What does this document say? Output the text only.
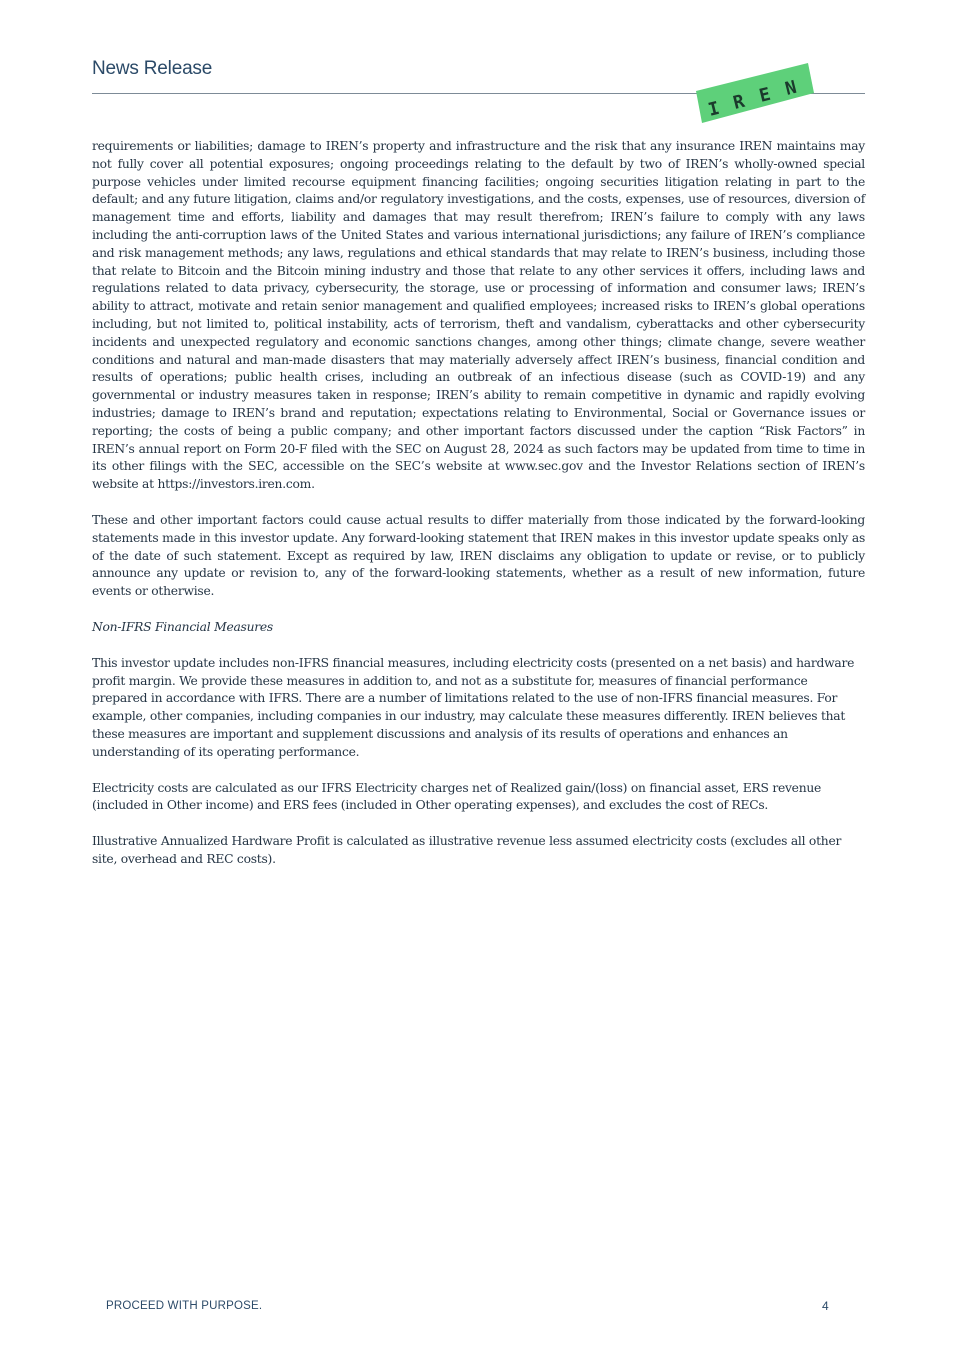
News Release
I R E N

requirements or liabilities; damage to IREN’s property and infrastructure and the risk that any insurance IREN maintains may not fully cover all potential exposures; ongoing proceedings relating to the default by two of IREN’s wholly-owned special purpose vehicles under limited recourse equipment financing facilities; ongoing securities litigation relating in part to the default; and any future litigation, claims and/or regulatory investigations, and the costs, expenses, use of resources, diversion of management time and efforts, liability and damages that may result therefrom; IREN’s failure to comply with any laws including the anti-corruption laws of the United States and various international jurisdictions; any failure of IREN’s compliance and risk management methods; any laws, regulations and ethical standards that may relate to IREN’s business, including those that relate to Bitcoin and the Bitcoin mining industry and those that relate to any other services it offers, including laws and regulations related to data privacy, cybersecurity, the storage, use or processing of information and consumer laws; IREN’s ability to attract, motivate and retain senior management and qualified employees; increased risks to IREN’s global operations including, but not limited to, political instability, acts of terrorism, theft and vandalism, cyberattacks and other cybersecurity incidents and unexpected regulatory and economic sanctions changes, among other things; climate change, severe weather conditions and natural and man-made disasters that may materially adversely affect IREN’s business, financial condition and results of operations; public health crises, including an outbreak of an infectious disease (such as COVID-19) and any governmental or industry measures taken in response; IREN’s ability to remain competitive in dynamic and rapidly evolving industries; damage to IREN’s brand and reputation; expectations relating to Environmental, Social or Governance issues or reporting; the costs of being a public company; and other important factors discussed under the caption “Risk Factors” in IREN’s annual report on Form 20-F filed with the SEC on August 28, 2024 as such factors may be updated from time to time in its other filings with the SEC, accessible on the SEC’s website at www.sec.gov and the Investor Relations section of IREN’s website at https://investors.iren.com.

These and other important factors could cause actual results to differ materially from those indicated by the forward-looking statements made in this investor update. Any forward-looking statement that IREN makes in this investor update speaks only as of the date of such statement. Except as required by law, IREN disclaims any obligation to update or revise, or to publicly announce any update or revision to, any of the forward-looking statements, whether as a result of new information, future events or otherwise.

Non-IFRS Financial Measures

This investor update includes non-IFRS financial measures, including electricity costs (presented on a net basis) and hardware profit margin. We provide these measures in addition to, and not as a substitute for, measures of financial performance prepared in accordance with IFRS. There are a number of limitations related to the use of non-IFRS financial measures. For example, other companies, including companies in our industry, may calculate these measures differently. IREN believes that these measures are important and supplement discussions and analysis of its results of operations and enhances an understanding of its operating performance.

Electricity costs are calculated as our IFRS Electricity charges net of Realized gain/(loss) on financial asset, ERS revenue (included in Other income) and ERS fees (included in Other operating expenses), and excludes the cost of RECs.

Illustrative Annualized Hardware Profit is calculated as illustrative revenue less assumed electricity costs (excludes all other site, overhead and REC costs).

PROCEED WITH PURPOSE.	4
